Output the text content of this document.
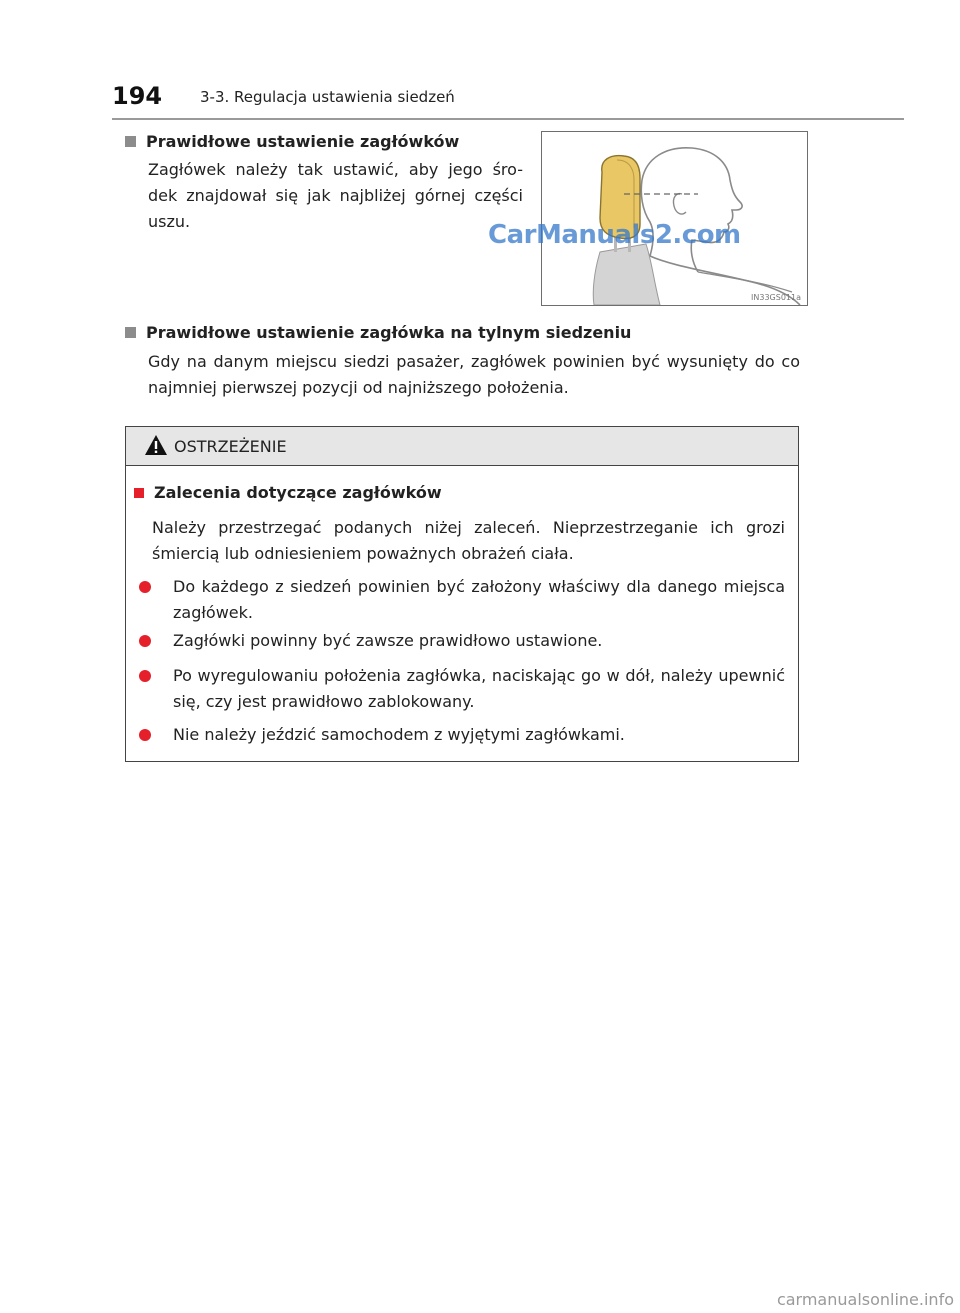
194	3-3. Regulacja ustawienia siedzeń
Prawidłowe ustawienie zagłówków
Zagłówek należy tak ustawić, aby jego śro-
dek znajdował się jak najbliżej górnej części
uszu.
IN33GS011a
CarManuals2.com
Prawidłowe ustawienie zagłówka na tylnym siedzeniu
Gdy na danym miejscu siedzi pasażer, zagłówek powinien być wysunięty do co najmniej pierwszej pozycji od najniższego położenia.
OSTRZEŻENIE
Zalecenia dotyczące zagłówków
Należy przestrzegać podanych niżej zaleceń. Nieprzestrzeganie ich grozi śmiercią lub odniesieniem poważnych obrażeń ciała.
Do każdego z siedzeń powinien być założony właściwy dla danego miejsca zagłówek.
Zagłówki powinny być zawsze prawidłowo ustawione.
Po wyregulowaniu położenia zagłówka, naciskając go w dół, należy upewnić się, czy jest prawidłowo zablokowany.
Nie należy jeździć samochodem z wyjętymi zagłówkami.
carmanualsonline.info
